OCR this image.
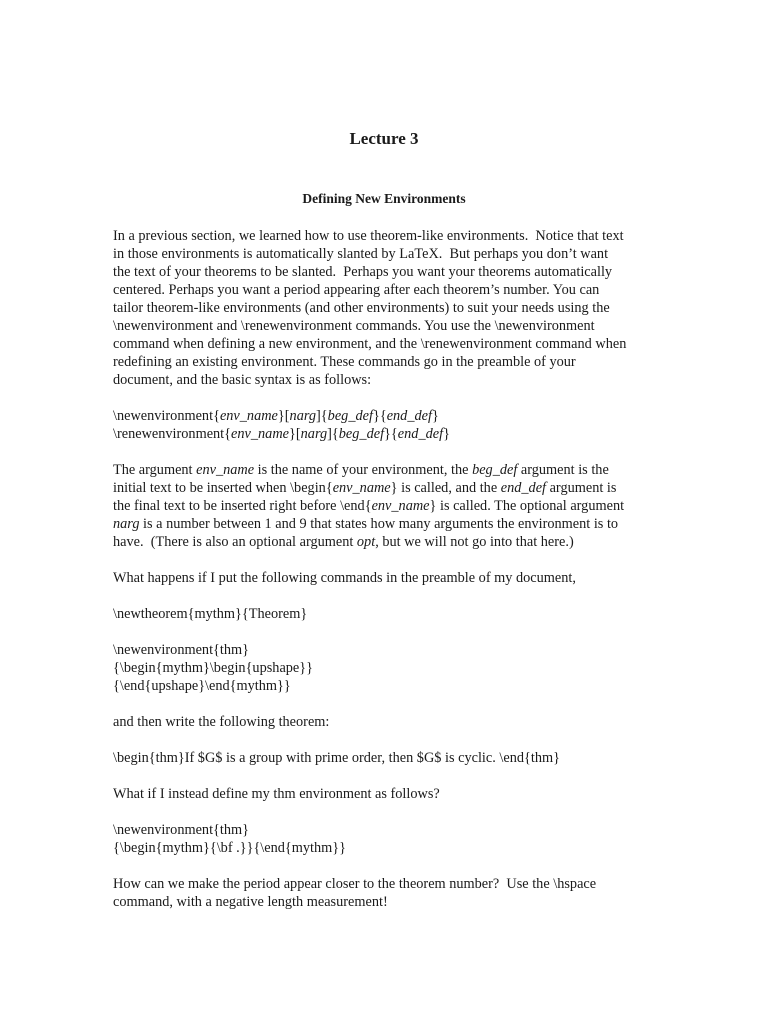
Lecture 3
Defining New Environments

In a previous section, we learned how to use theorem-like environments.  Notice that text

in those environments is automatically slanted by LaTeX.  But perhaps you don’t want

the text of your theorems to be slanted.  Perhaps you want your theorems automatically

centered. Perhaps you want a period appearing after each theorem’s number. You can

tailor theorem-like environments (and other environments) to suit your needs using the

\newenvironment and \renewenvironment commands. You use the \newenvironment

command when defining a new environment, and the \renewenvironment command when

redefining an existing environment. These commands go in the preamble of your

document, and the basic syntax is as follows:

\newenvironment{env_name}[narg]{beg_def}{end_def}

\renewenvironment{env_name}[narg]{beg_def}{end_def}

The argument env_name is the name of your environment, the beg_def argument is the

initial text to be inserted when \begin{env_name} is called, and the end_def argument is

the final text to be inserted right before \end{env_name} is called. The optional argument

narg is a number between 1 and 9 that states how many arguments the environment is to

have.  (There is also an optional argument opt, but we will not go into that here.)

What happens if I put the following commands in the preamble of my document,

\newtheorem{mythm}{Theorem}

\newenvironment{thm}

{\begin{mythm}\begin{upshape}}

{\end{upshape}\end{mythm}}

and then write the following theorem:

\begin{thm}If $G$ is a group with prime order, then $G$ is cyclic. \end{thm}

What if I instead define my thm environment as follows?

\newenvironment{thm}

{\begin{mythm}{\bf .}}{\end{mythm}}

How can we make the period appear closer to the theorem number?  Use the \hspace

command, with a negative length measurement!
